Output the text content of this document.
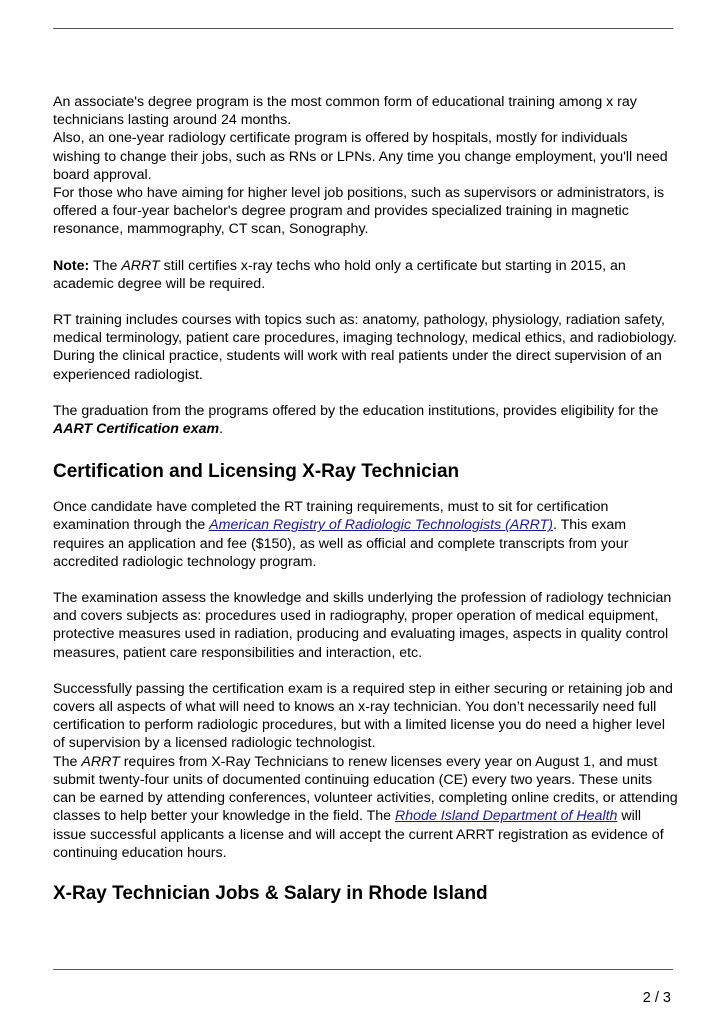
An associate's degree program is the most common form of educational training among x ray technicians lasting around 24 months.

Also, an one-year radiology certificate program is offered by hospitals, mostly for individuals wishing to change their jobs, such as RNs or LPNs. Any time you change employment, you'll need board approval.

For those who have aiming for higher level job positions, such as supervisors or administrators, is offered a four-year bachelor's degree program and provides specialized training in magnetic resonance, mammography, CT scan, Sonography.

Note: The ARRT still certifies x-ray techs who hold only a certificate but starting in 2015, an academic degree will be required.

RT training includes courses with topics such as: anatomy, pathology, physiology, radiation safety, medical terminology, patient care procedures, imaging technology, medical ethics, and radiobiology. During the clinical practice, students will work with real patients under the direct supervision of an experienced radiologist.

The graduation from the programs offered by the education institutions, provides eligibility for the AART Certification exam.

Certification and Licensing X-Ray Technician

Once candidate have completed the RT training requirements, must to sit for certification examination through the American Registry of Radiologic Technologists (ARRT). This exam requires an application and fee ($150), as well as official and complete transcripts from your accredited radiologic technology program.

The examination assess the knowledge and skills underlying the profession of radiology technician and covers subjects as: procedures used in radiography, proper operation of medical equipment, protective measures used in radiation, producing and evaluating images, aspects in quality control measures, patient care responsibilities and interaction, etc.

Successfully passing the certification exam is a required step in either securing or retaining job and covers all aspects of what will need to knows an x-ray technician. You don’t necessarily need full certification to perform radiologic procedures, but with a limited license you do need a higher level of supervision by a licensed radiologic technologist.

The ARRT requires from X-Ray Technicians to renew licenses every year on August 1, and must submit twenty-four units of documented continuing education (CE) every two years. These units can be earned by attending conferences, volunteer activities, completing online credits, or attending classes to help better your knowledge in the field. The Rhode Island Department of Health will issue successful applicants a license and will accept the current ARRT registration as evidence of continuing education hours.

X-Ray Technician Jobs & Salary in Rhode Island
2 / 3
